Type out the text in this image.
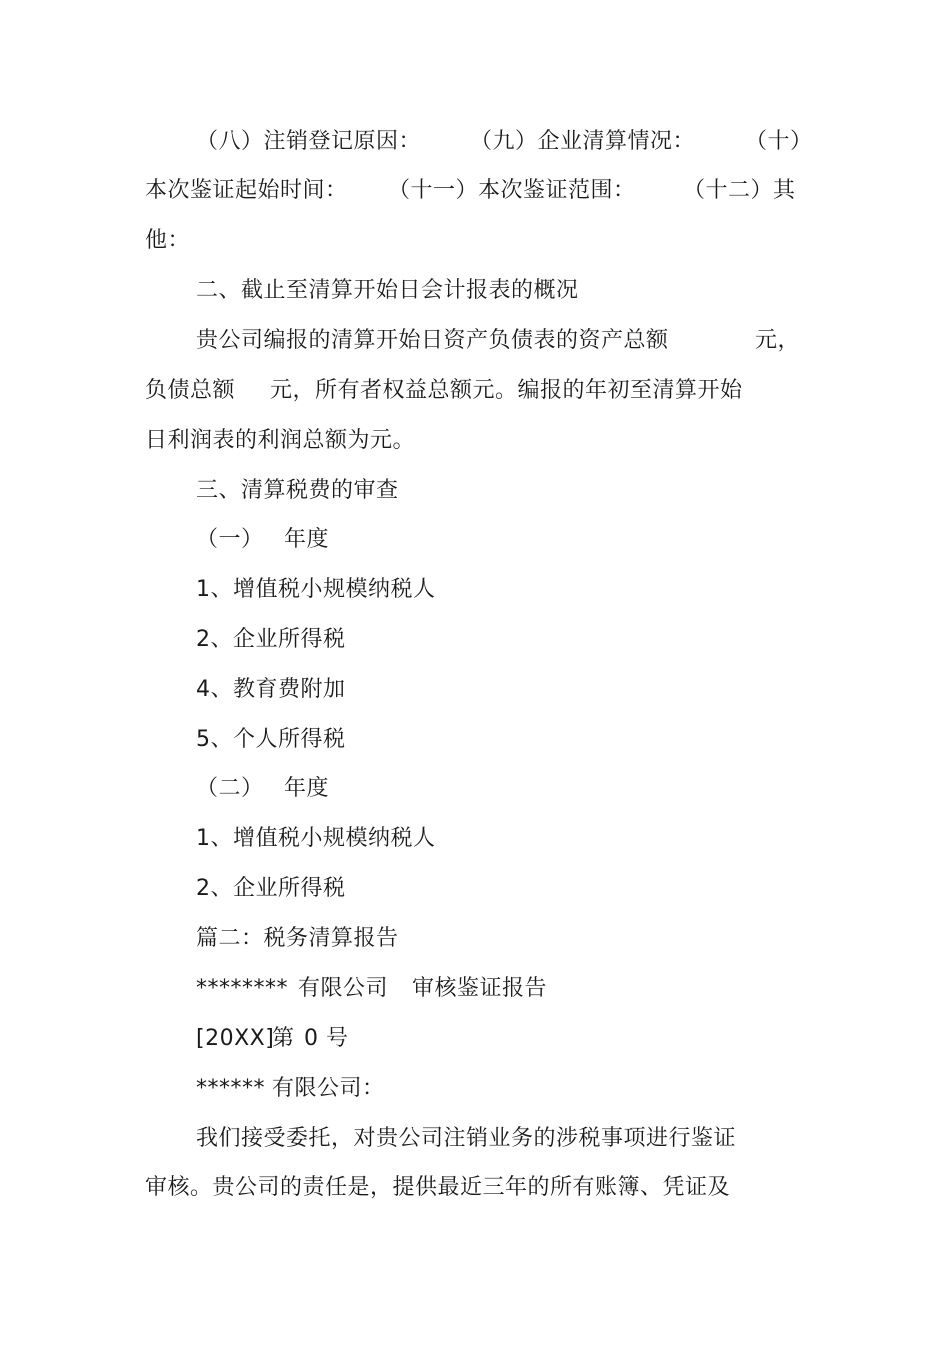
（八）注销登记原因： （九）企业清算情况： （十）
本次鉴证起始时间： （十一）本次鉴证范围： （十二）其
他：
二、截止至清算开始日会计报表的概况
贵公司编报的清算开始日资产负债表的资产总额	元，
负债总额 元，所有者权益总额元。编报的年初至清算开始
日利润表的利润总额为元。
三、清算税费的审查
（一） 年度
1、增值税小规模纳税人
2、企业所得税
4、教育费附加
5、个人所得税
（二） 年度
1、增值税小规模纳税人
2、企业所得税
篇二：税务清算报告
******** 有限公司 审核鉴证报告
[20XX]
第 0 号
****** 有限公司：
我们接受委托，对贵公司注销业务的涉税事项进行鉴证
审核。贵公司的责任是，提供最近三年的所有账簿、凭证及
